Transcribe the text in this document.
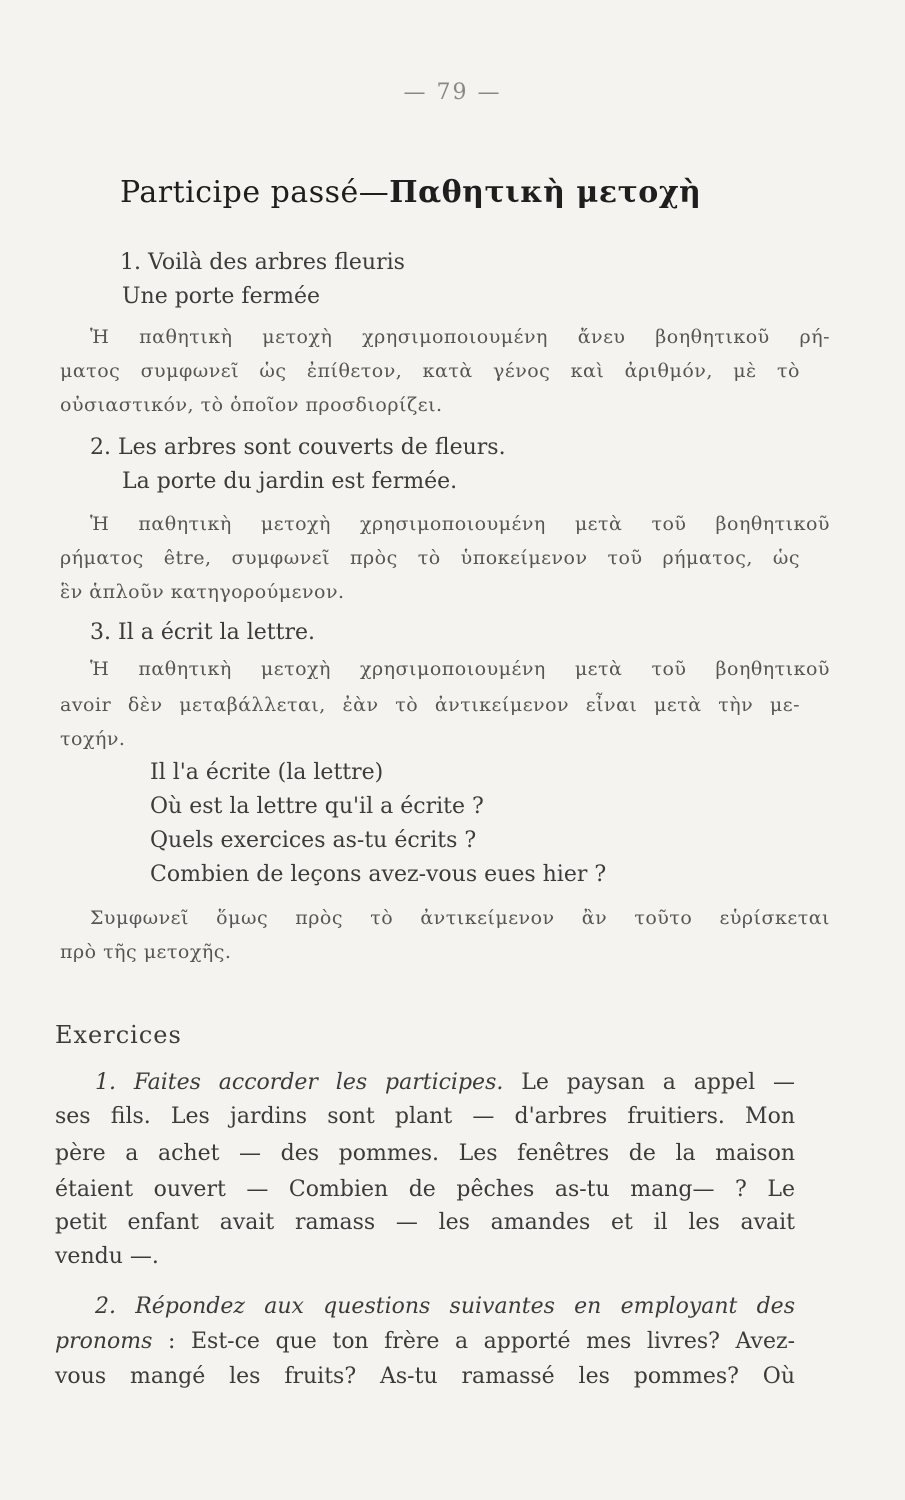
— 79 —
Participe passé—Παθητικὴ μετοχὴ
1. Voilà des arbres fleuris
Une porte fermée
Ἡ παθητικὴ μετοχὴ χρησιμοποιουμένη ἄνευ βοηθητικοῦ ρή-
ματος συμφωνεῖ ὡς ἐπίθετον, κατὰ γένος καὶ ἀριθμόν, μὲ τὸ
οὐσιαστικόν, τὸ ὁποῖον προσδιορίζει.
2. Les arbres sont couverts de fleurs.
La porte du jardin est fermée.
Ἡ παθητικὴ μετοχὴ χρησιμοποιουμένη μετὰ τοῦ βοηθητικοῦ
ρήματος être, συμφωνεῖ πρὸς τὸ ὑποκείμενον τοῦ ρήματος, ὡς
ἓν ἁπλοῦν κατηγορούμενον.
3. Il a écrit la lettre.
Ἡ παθητικὴ μετοχὴ χρησιμοποιουμένη μετὰ τοῦ βοηθητικοῦ
avoir δὲν μεταβάλλεται, ἐὰν τὸ ἀντικείμενον εἶναι μετὰ τὴν με-
τοχήν.
Il l'a écrite (la lettre)
Où est la lettre qu'il a écrite ?
Quels exercices as-tu écrits ?
Combien de leçons avez-vous eues hier ?
Συμφωνεῖ ὅμως πρὸς τὸ ἀντικείμενον ἂν τοῦτο εὑρίσκεται
πρὸ τῆς μετοχῆς.
Exercices
1. Faites accorder les participes. Le paysan a appel —
ses fils. Les jardins sont plant — d'arbres fruitiers. Mon
père a achet — des pommes. Les fenêtres de la maison
étaient ouvert — Combien de pêches as-tu mang— ? Le
petit enfant avait ramass — les amandes et il les avait
vendu —.
2. Répondez aux questions suivantes en employant des
pronoms : Est-ce que ton frère a apporté mes livres? Avez-
vous mangé les fruits? As-tu ramassé les pommes? Où
